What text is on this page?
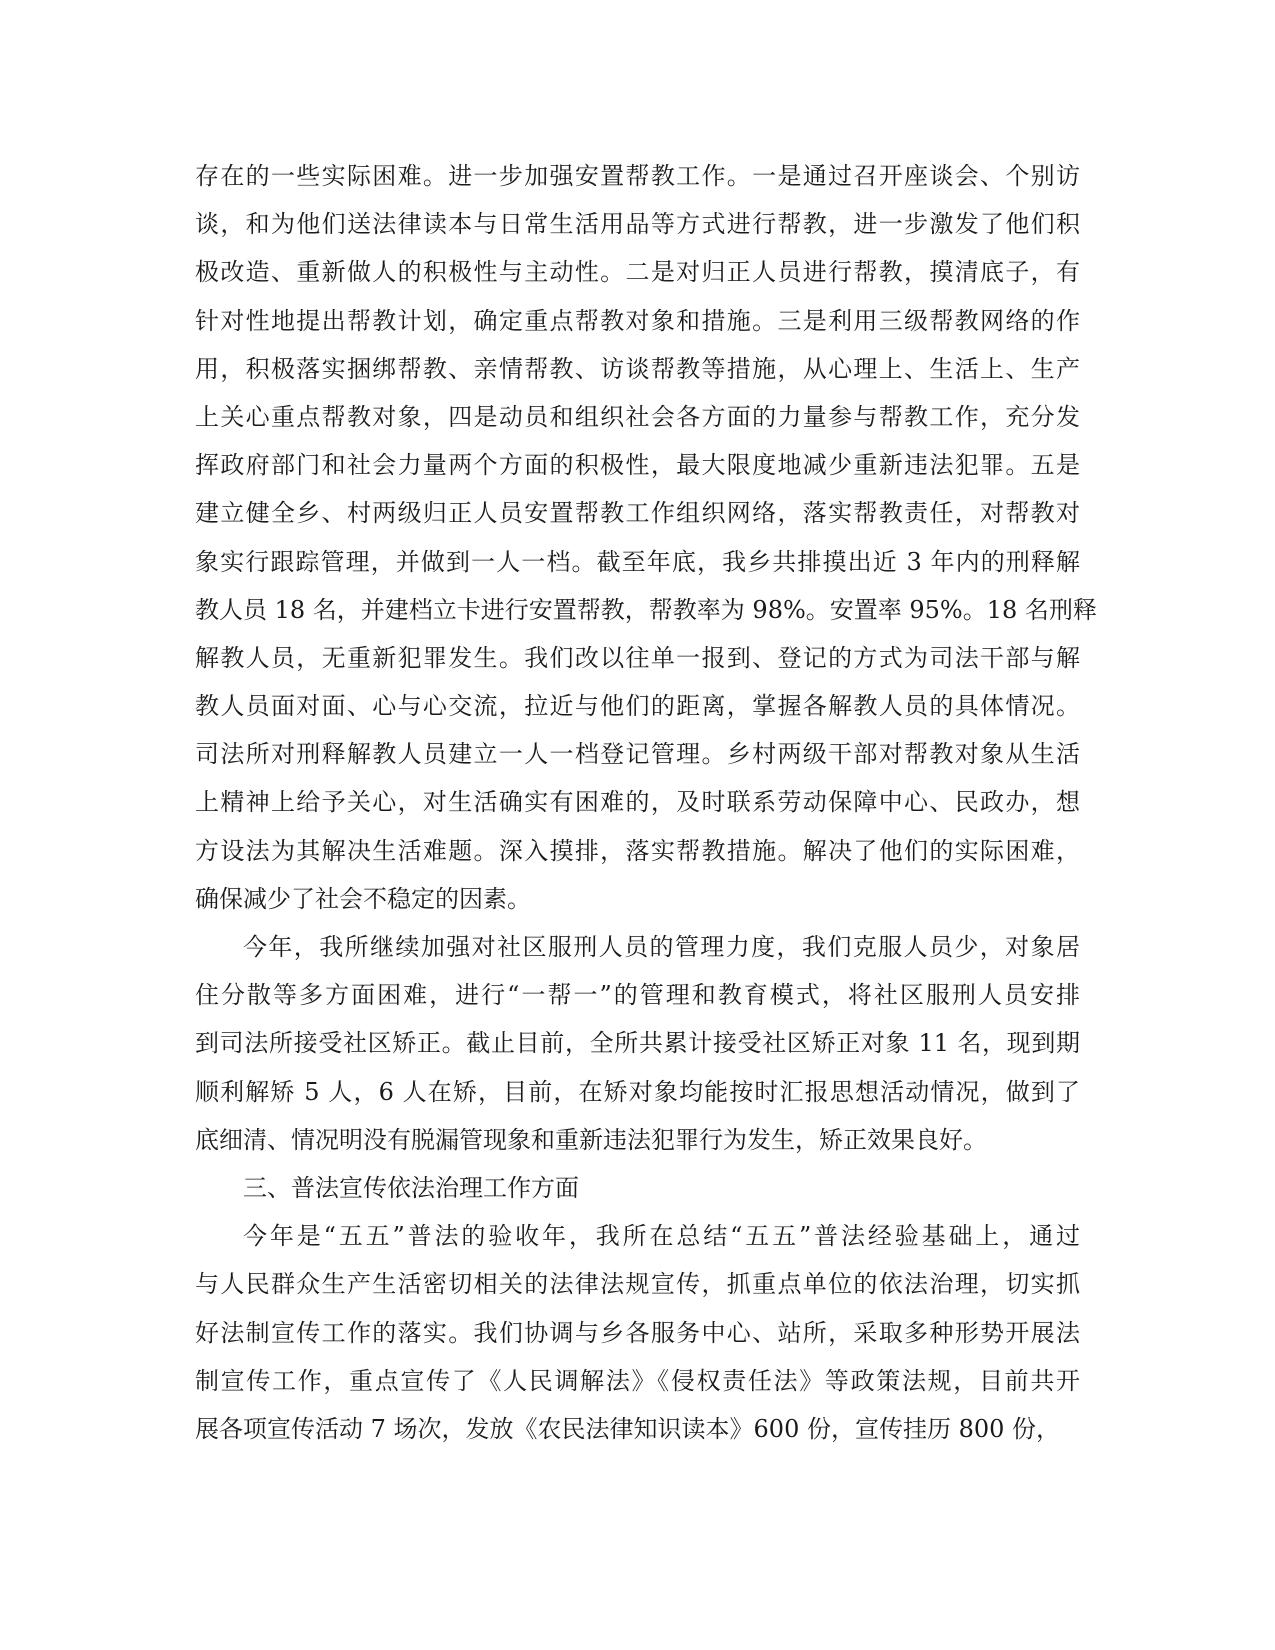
存在的一些实际困难。进一步加强安置帮教工作。一是通过召开座谈会、个别访
谈，和为他们送法律读本与日常生活用品等方式进行帮教，进一步激发了他们积
极改造、重新做人的积极性与主动性。二是对归正人员进行帮教，摸清底子，有
针对性地提出帮教计划，确定重点帮教对象和措施。三是利用三级帮教网络的作
用，积极落实捆绑帮教、亲情帮教、访谈帮教等措施，从心理上、生活上、生产
上关心重点帮教对象，四是动员和组织社会各方面的力量参与帮教工作，充分发
挥政府部门和社会力量两个方面的积极性，最大限度地减少重新违法犯罪。五是
建立健全乡、村两级归正人员安置帮教工作组织网络，落实帮教责任，对帮教对
象实行跟踪管理，并做到一人一档。截至年底，我乡共排摸出近 3 年内的刑释解
教人员 18 名，并建档立卡进行安置帮教，帮教率为 98%。安置率 95%。18 名刑释
解教人员，无重新犯罪发生。我们改以往单一报到、登记的方式为司法干部与解
教人员面对面、心与心交流，拉近与他们的距离，掌握各解教人员的具体情况。
司法所对刑释解教人员建立一人一档登记管理。乡村两级干部对帮教对象从生活
上精神上给予关心，对生活确实有困难的，及时联系劳动保障中心、民政办，想
方设法为其解决生活难题。深入摸排，落实帮教措施。解决了他们的实际困难，
确保减少了社会不稳定的因素。
今年，我所继续加强对社区服刑人员的管理力度，我们克服人员少，对象居
住分散等多方面困难，进行“一帮一”的管理和教育模式，将社区服刑人员安排
到司法所接受社区矫正。截止目前，全所共累计接受社区矫正对象 11 名，现到期
顺利解矫 5 人，6 人在矫，目前，在矫对象均能按时汇报思想活动情况，做到了
底细清、情况明没有脱漏管现象和重新违法犯罪行为发生，矫正效果良好。
三、普法宣传依法治理工作方面
今年是“五五”普法的验收年，我所在总结“五五”普法经验基础上，通过
与人民群众生产生活密切相关的法律法规宣传，抓重点单位的依法治理，切实抓
好法制宣传工作的落实。我们协调与乡各服务中心、站所，采取多种形势开展法
制宣传工作，重点宣传了《人民调解法》《侵权责任法》等政策法规，目前共开
展各项宣传活动 7 场次，发放《农民法律知识读本》600 份，宣传挂历 800 份，
